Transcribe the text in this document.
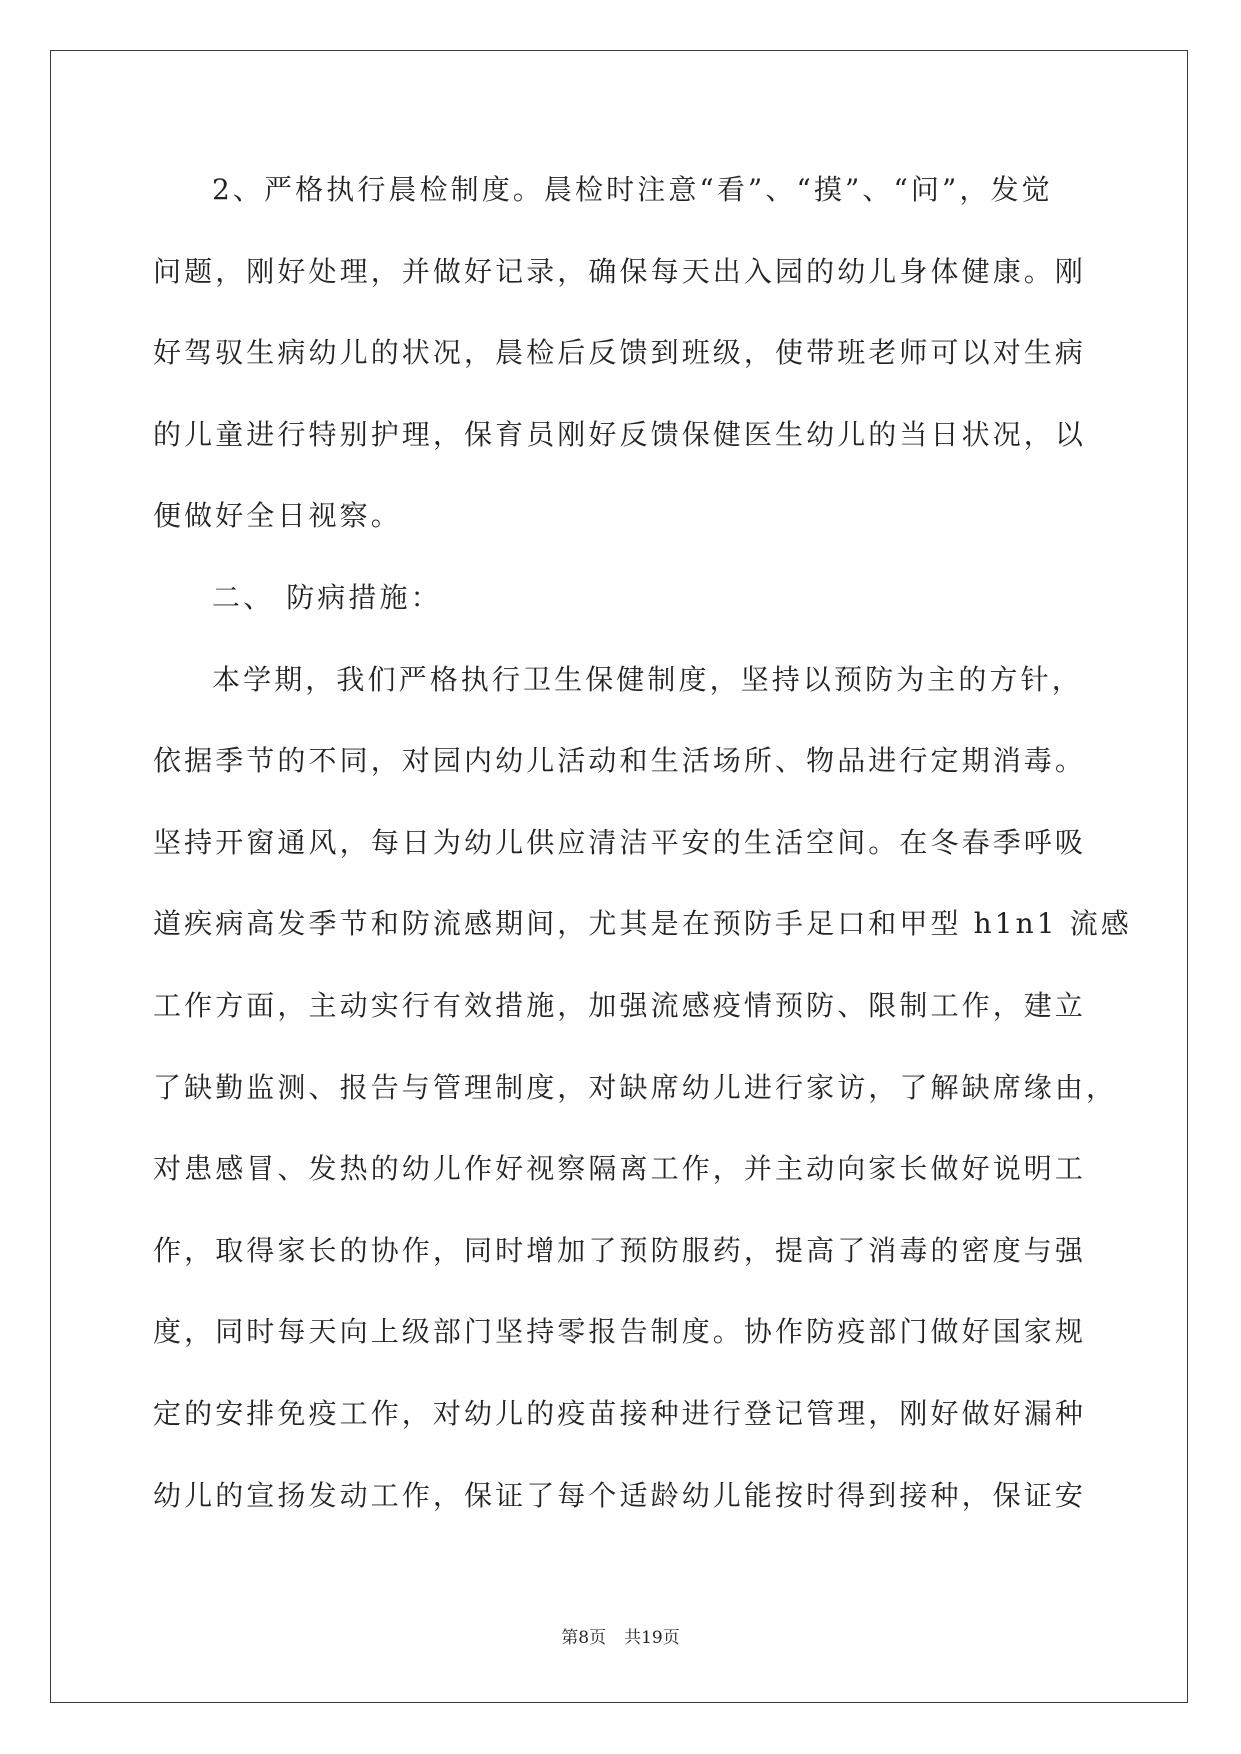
2、严格执行晨检制度。晨检时注意“看”、“摸”、“问”，发觉
问题，刚好处理，并做好记录，确保每天出入园的幼儿身体健康。刚
好驾驭生病幼儿的状况，晨检后反馈到班级，使带班老师可以对生病
的儿童进行特别护理，保育员刚好反馈保健医生幼儿的当日状况，以
便做好全日视察。
二、 防病措施：
本学期，我们严格执行卫生保健制度，坚持以预防为主的方针，
依据季节的不同，对园内幼儿活动和生活场所、物品进行定期消毒。
坚持开窗通风，每日为幼儿供应清洁平安的生活空间。在冬春季呼吸
道疾病高发季节和防流感期间，尤其是在预防手足口和甲型 h1n1 流感
工作方面，主动实行有效措施，加强流感疫情预防、限制工作，建立
了缺勤监测、报告与管理制度，对缺席幼儿进行家访，了解缺席缘由，
对患感冒、发热的幼儿作好视察隔离工作，并主动向家长做好说明工
作，取得家长的协作，同时增加了预防服药，提高了消毒的密度与强
度，同时每天向上级部门坚持零报告制度。协作防疫部门做好国家规
定的安排免疫工作，对幼儿的疫苗接种进行登记管理，刚好做好漏种
幼儿的宣扬发动工作，保证了每个适龄幼儿能按时得到接种，保证安
第8页 共19页
